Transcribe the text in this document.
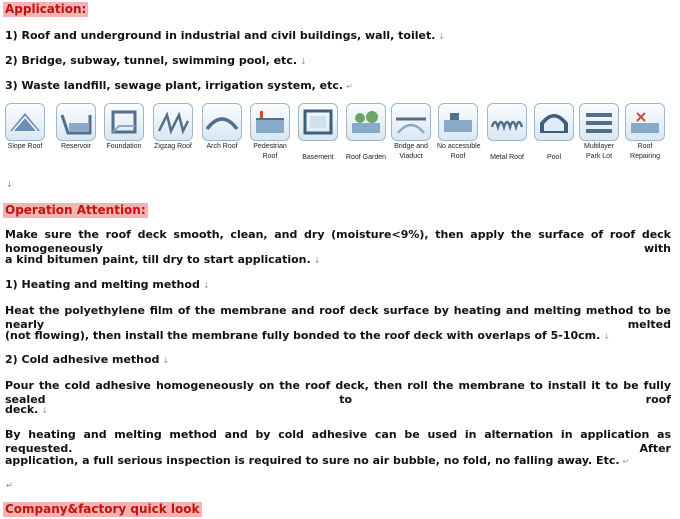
Application:
1) Roof and underground in industrial and civil buildings, wall, toilet. ↓
2) Bridge, subway, tunnel, swimming pool, etc. ↓
3) Waste landfill, sewage plant, irrigation system, etc. ↵
Slope Roof	Reservoir	Foundation	Zigzag Roof	Arch Roof	Pedestrian
Roof	Basement	Roof Garden
Bridge and
Viaduct
No accessible
Roof	Metal Roof	Pool
Multilayer
Park Lot
Roof
Repairing
↓
Operation Attention:
Make sure the roof deck smooth, clean, and dry (moisture<9%), then apply the surface of roof deck homogeneously with
a kind bitumen paint, till dry to start application. ↓
1) Heating and melting method ↓
Heat the polyethylene film of the membrane and roof deck surface by heating and melting method to be nearly melted
(not flowing), then install the membrane fully bonded to the roof deck with overlaps of 5-10cm. ↓
2) Cold adhesive method ↓
Pour the cold adhesive homogeneously on the roof deck, then roll the membrane to install it to be fully sealed to roof
deck. ↓
By heating and melting method and by cold adhesive can be used in alternation in application as requested. After
application, a full serious inspection is required to sure no air bubble, no fold, no falling away. Etc. ↵
↵
Company&factory quick look
